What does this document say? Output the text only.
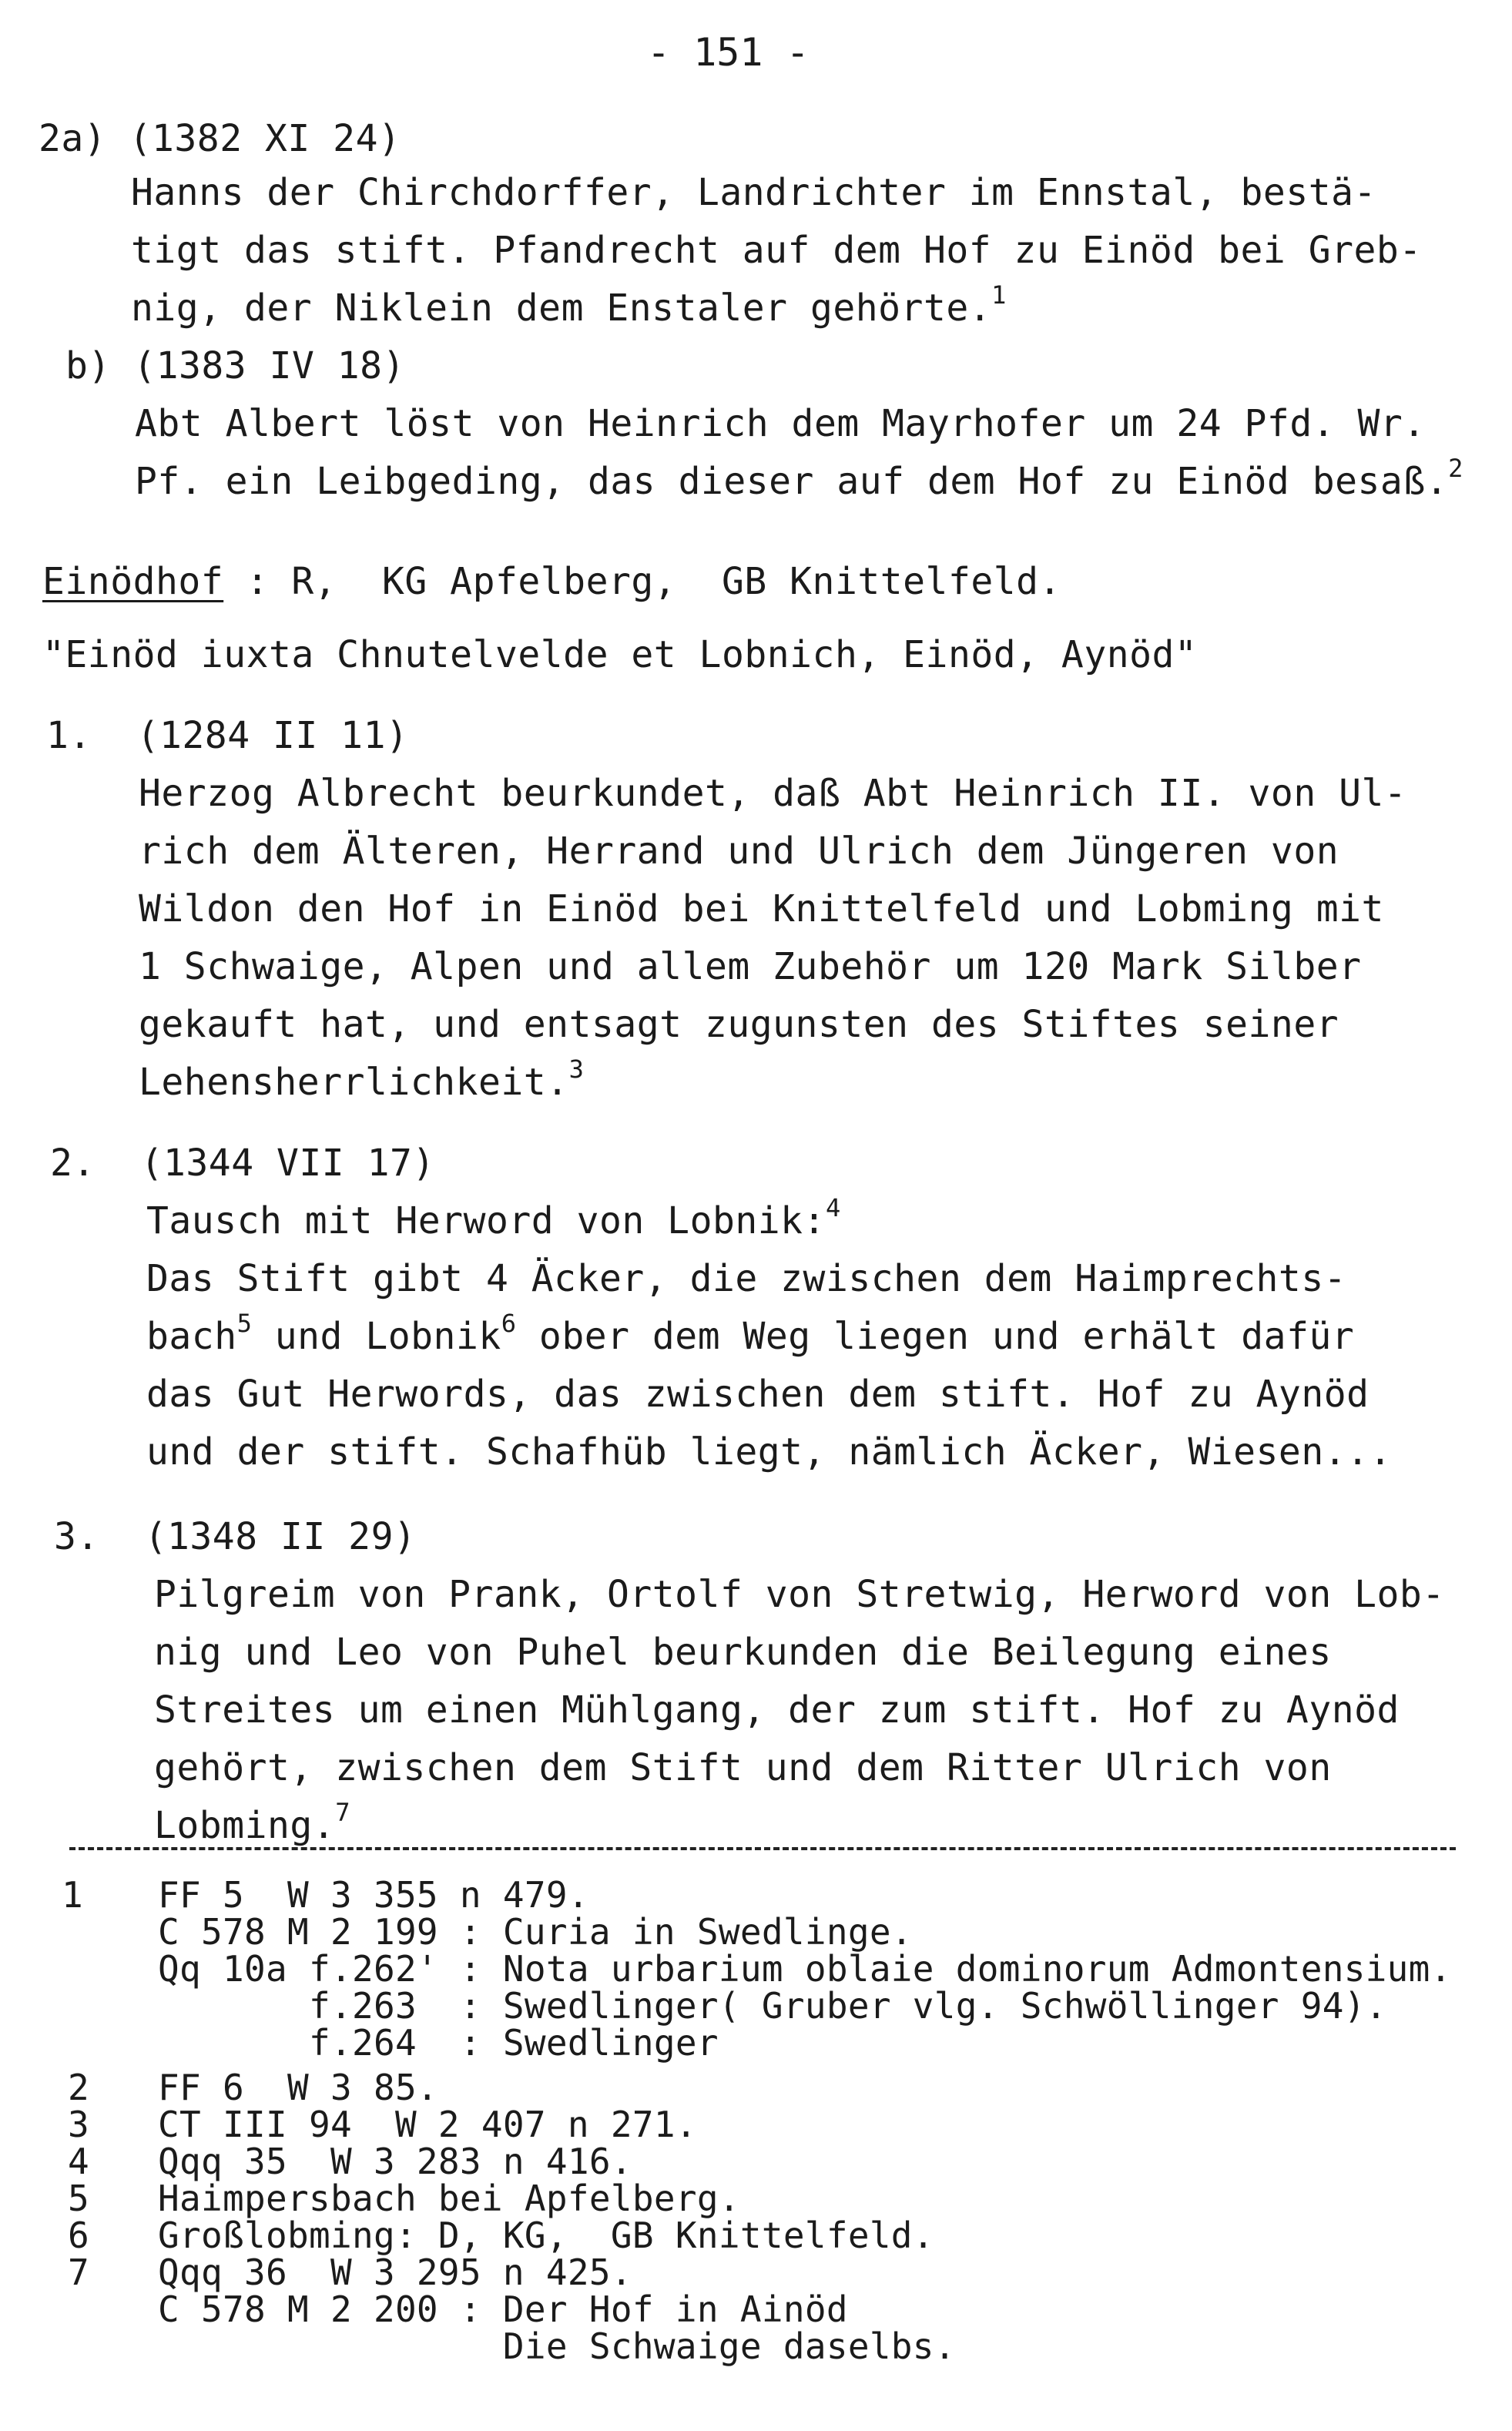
- 151 -
2a) (1382 XI 24)
Hanns der Chirchdorffer, Landrichter im Ennstal, bestä-
tigt das stift. Pfandrecht auf dem Hof zu Einöd bei Greb-
nig, der Niklein dem Enstaler gehörte.$^1$
b) (1383 IV 18)
Abt Albert löst von Heinrich dem Mayrhofer um 24 Pfd. Wr.
Pf. ein Leibgeding, das dieser auf dem Hof zu Einöd besaß.$^2$
Einödhof : R,  KG Apfelberg,  GB Knittelfeld.
"Einöd iuxta Chnutelvelde et Lobnich, Einöd, Aynöd"
1.  (1284 II 11)
Herzog Albrecht beurkundet, daß Abt Heinrich II. von Ul-
rich dem Älteren, Herrand und Ulrich dem Jüngeren von
Wildon den Hof in Einöd bei Knittelfeld und Lobming mit
1 Schwaige, Alpen und allem Zubehör um 120 Mark Silber
gekauft hat, und entsagt zugunsten des Stiftes seiner
Lehensherrlichkeit.$^3$
2.  (1344 VII 17)
Tausch mit Herword von Lobnik:$^4$
Das Stift gibt 4 Äcker, die zwischen dem Haimprechts-
bach$^5$ und Lobnik$^6$ ober dem Weg liegen und erhält dafür
das Gut Herwords, das zwischen dem stift. Hof zu Aynöd
und der stift. Schafhüb liegt, nämlich Äcker, Wiesen...
3.  (1348 II 29)
Pilgreim von Prank, Ortolf von Stretwig, Herword von Lob-
nig und Leo von Puhel beurkunden die Beilegung eines
Streites um einen Mühlgang, der zum stift. Hof zu Aynöd
gehört, zwischen dem Stift und dem Ritter Ulrich von
Lobming.$^7$
1 FF 5  W 3 355 n 479.
C 578 M 2 199 : Curia in Swedlinge.
Qq 10a f.262' : Nota urbarium oblaie dominorum Admontensium.
f.263  : Swedlinger( Gruber vlg. Schwöllinger 94).
f.264  : Swedlinger
2 FF 6  W 3 85.
3 CT III 94  W 2 407 n 271.
4 Qqq 35  W 3 283 n 416.
5 Haimpersbach bei Apfelberg.
6 Großlobming: D, KG,  GB Knittelfeld.
7 Qqq 36  W 3 295 n 425.
C 578 M 2 200 : Der Hof in Ainöd
Die Schwaige daselbs.
